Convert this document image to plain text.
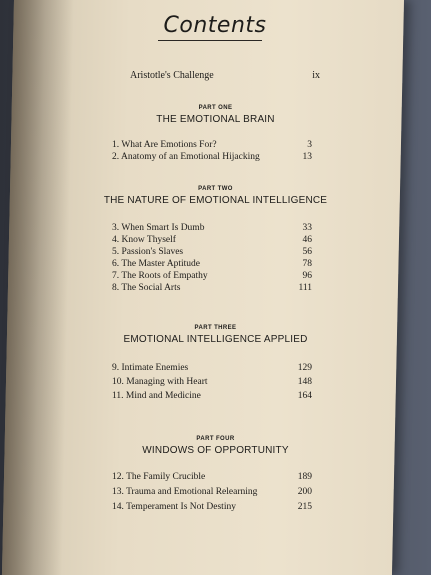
Contents
Aristotle's Challenge	ix
PART ONE
THE EMOTIONAL BRAIN
1. What Are Emotions For?	3
2. Anatomy of an Emotional Hijacking	13
PART TWO
THE NATURE OF EMOTIONAL INTELLIGENCE
3. When Smart Is Dumb	33
4. Know Thyself	46
5. Passion's Slaves	56
6. The Master Aptitude	78
7. The Roots of Empathy	96
8. The Social Arts	111
PART THREE
EMOTIONAL INTELLIGENCE APPLIED
9. Intimate Enemies	129
10. Managing with Heart	148
11. Mind and Medicine	164
PART FOUR
WINDOWS OF OPPORTUNITY
12. The Family Crucible	189
13. Trauma and Emotional Relearning	200
14. Temperament Is Not Destiny	215
